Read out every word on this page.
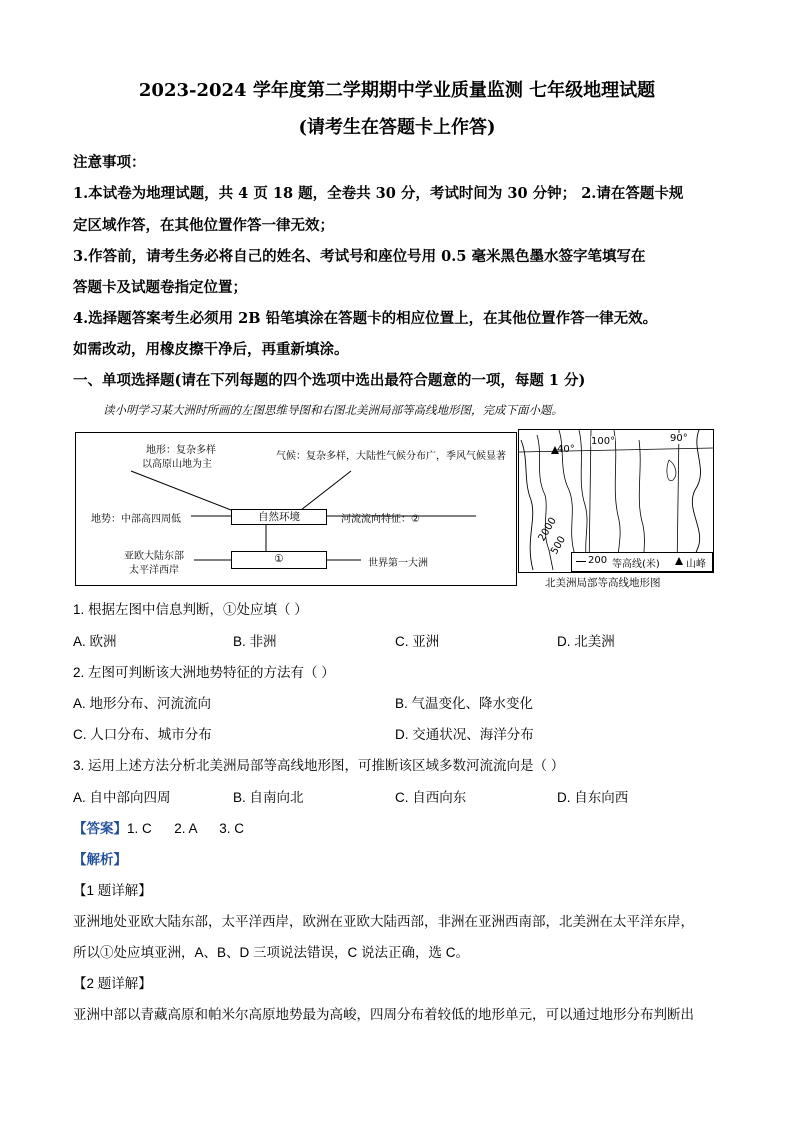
2023-2024 学年度第二学期期中学业质量监测 七年级地理试题
(请考生在答题卡上作答)
注意事项：
1.本试卷为地理试题，共 4 页 18 题，全卷共 30 分，考试时间为 30 分钟； 2.请在答题卡规
定区域作答，在其他位置作答一律无效；
3.作答前，请考生务必将自己的姓名、考试号和座位号用 0.5 毫米黑色墨水签字笔填写在
答题卡及试题卷指定位置；
4.选择题答案考生必须用 2B 铅笔填涂在答题卡的相应位置上，在其他位置作答一律无效。
如需改动，用橡皮擦干净后，再重新填涂。
一、单项选择题(请在下列每题的四个选项中选出最符合题意的一项，每题 1 分)
读小明学习某大洲时所画的左图思维导图和右图北美洲局部等高线地形图，完成下面小题。
地形：复杂多样
以高原山地为主
气候：复杂多样，大陆性气候分布广，季风气候显著
地势：中部高四周低	自然环境	河流流向特征：②
亚欧大陆东部
太平洋西岸
①	世界第一大洲
40°
100°	90°
2000
500
200 等高线(米)	山峰
北美洲局部等高线地形图
1. 根据左图中信息判断，①处应填（ ）
A. 欧洲	B. 非洲	C. 亚洲	D. 北美洲
2. 左图可判断该大洲地势特征的方法有（ ）
A. 地形分布、河流流向	B. 气温变化、降水变化
C. 人口分布、城市分布	D. 交通状况、海洋分布
3. 运用上述方法分析北美洲局部等高线地形图，可推断该区域多数河流流向是（ ）
A. 自中部向四周	B. 自南向北	C. 自西向东	D. 自东向西
【答案】1. C      2. A      3. C
【解析】
【1 题详解】
亚洲地处亚欧大陆东部，太平洋西岸，欧洲在亚欧大陆西部，非洲在亚洲西南部，北美洲在太平洋东岸，
所以①处应填亚洲，A、B、D 三项说法错误，C 说法正确，选 C。
【2 题详解】
亚洲中部以青藏高原和帕米尔高原地势最为高峻，四周分布着较低的地形单元，可以通过地形分布判断出
